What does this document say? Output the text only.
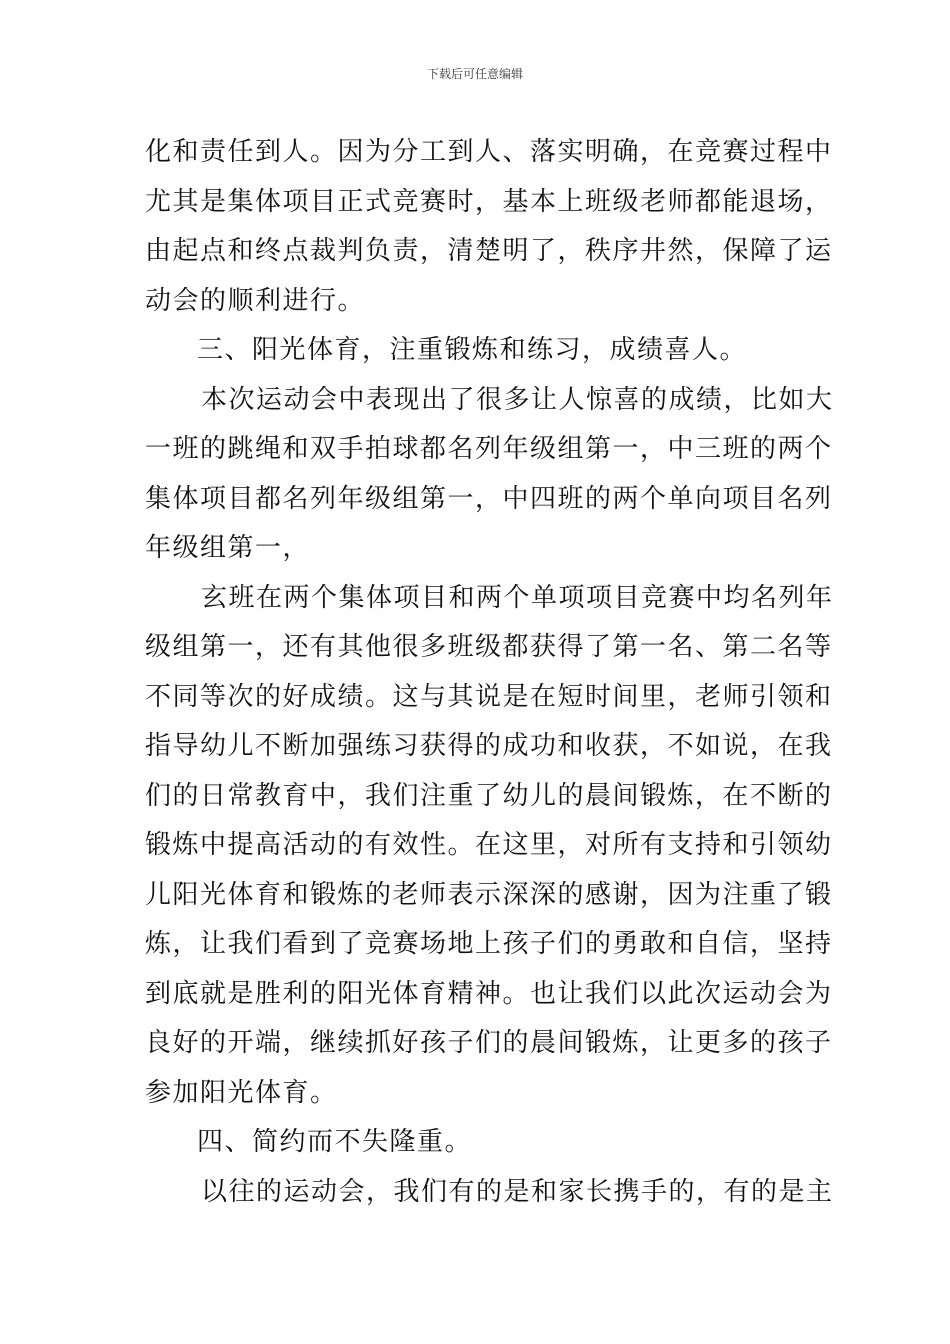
下载后可任意编辑
化和责任到人。因为分工到人、落实明确，在竞赛过程中
尤其是集体项目正式竞赛时，基本上班级老师都能退场，
由起点和终点裁判负责，清楚明了，秩序井然，保障了运
动会的顺利进行。
三、阳光体育，注重锻炼和练习，成绩喜人。
本次运动会中表现出了很多让人惊喜的成绩，比如大
一班的跳绳和双手拍球都名列年级组第一，中三班的两个
集体项目都名列年级组第一，中四班的两个单向项目名列
年级组第一，
玄班在两个集体项目和两个单项项目竞赛中均名列年
级组第一，还有其他很多班级都获得了第一名、第二名等
不同等次的好成绩。这与其说是在短时间里，老师引领和
指导幼儿不断加强练习获得的成功和收获，不如说，在我
们的日常教育中，我们注重了幼儿的晨间锻炼，在不断的
锻炼中提高活动的有效性。在这里，对所有支持和引领幼
儿阳光体育和锻炼的老师表示深深的感谢，因为注重了锻
炼，让我们看到了竞赛场地上孩子们的勇敢和自信，坚持
到底就是胜利的阳光体育精神。也让我们以此次运动会为
良好的开端，继续抓好孩子们的晨间锻炼，让更多的孩子
参加阳光体育。
四、简约而不失隆重。
以往的运动会，我们有的是和家长携手的，有的是主
